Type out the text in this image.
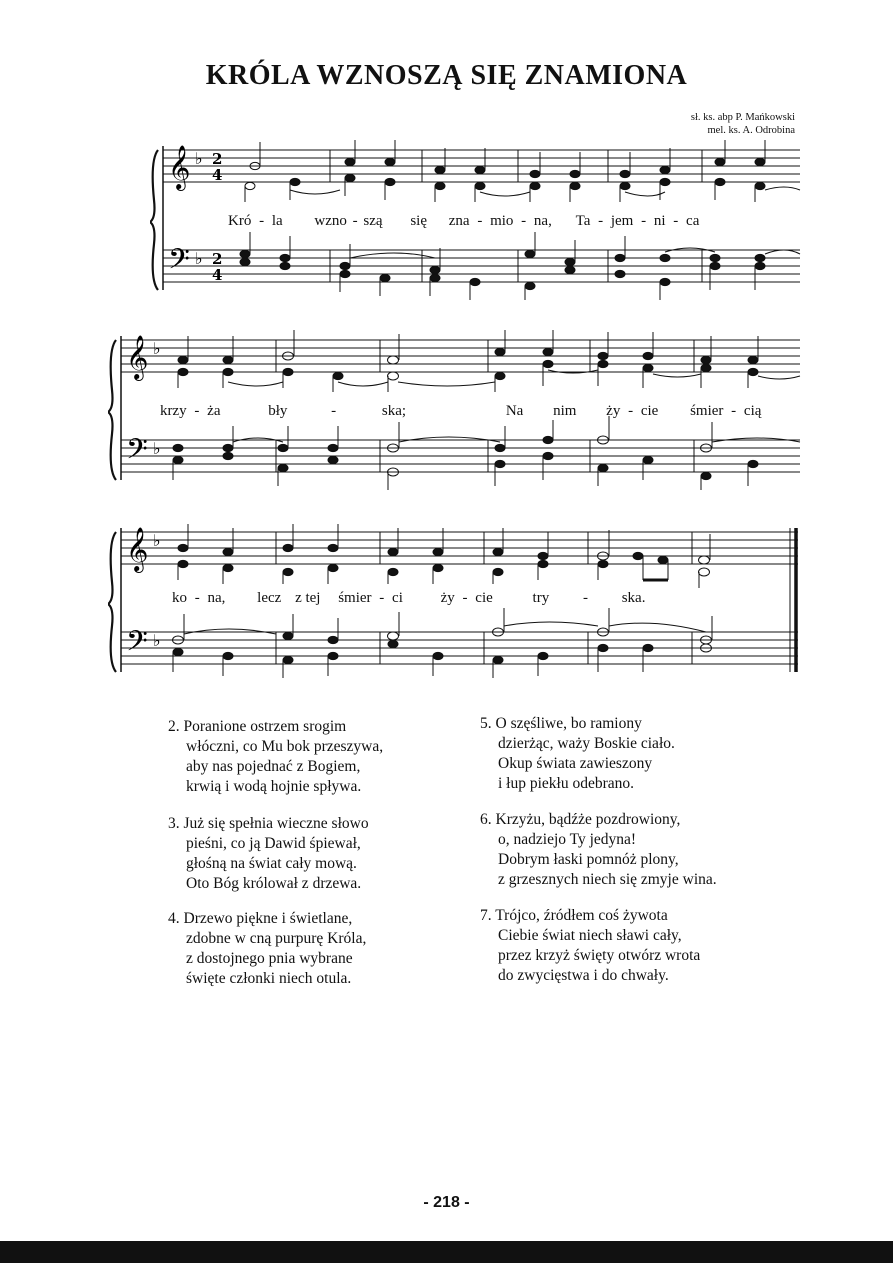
KRÓLA WZNOSZĄ SIĘ ZNAMIONA
sł. ks. abp P. Mańkowski
mel. ks. A. Odrobina
𝄞
𝄢
♭
♭
2
4
2
4
Kró - la wzno - szą się zna - mio - na, Ta - jem - ni - ca
𝄞
𝄢
♭
♭
krzy - ża	bły	-	ska;	Na nim ży - cie śmier - cią
𝄞
𝄢
♭
♭
ko - na, lecz z tej śmier - ci	ży - cie	try - ska.
2. Poranione ostrzem srogim
włóczni, co Mu bok przeszywa,
aby nas pojednać z Bogiem,
krwią i wodą hojnie spływa.
3. Już się spełnia wieczne słowo
pieśni, co ją Dawid śpiewał,
głośną na świat cały mową.
Oto Bóg królował z drzewa.
4. Drzewo piękne i świetlane,
zdobne w cną purpurę Króla,
z dostojnego pnia wybrane
święte członki niech otula.
5. O szęśliwe, bo ramiony
dzierżąc, waży Boskie ciało.
Okup świata zawieszony
i łup piekłu odebrano.
6. Krzyżu, bądźże pozdrowiony,
o, nadziejo Ty jedyna!
Dobrym łaski pomnóż plony,
z grzesznych niech się zmyje wina.
7. Trójco, źródłem coś żywota
Ciebie świat niech sławi cały,
przez krzyż święty otwórz wrota
do zwycięstwa i do chwały.
- 218 -
